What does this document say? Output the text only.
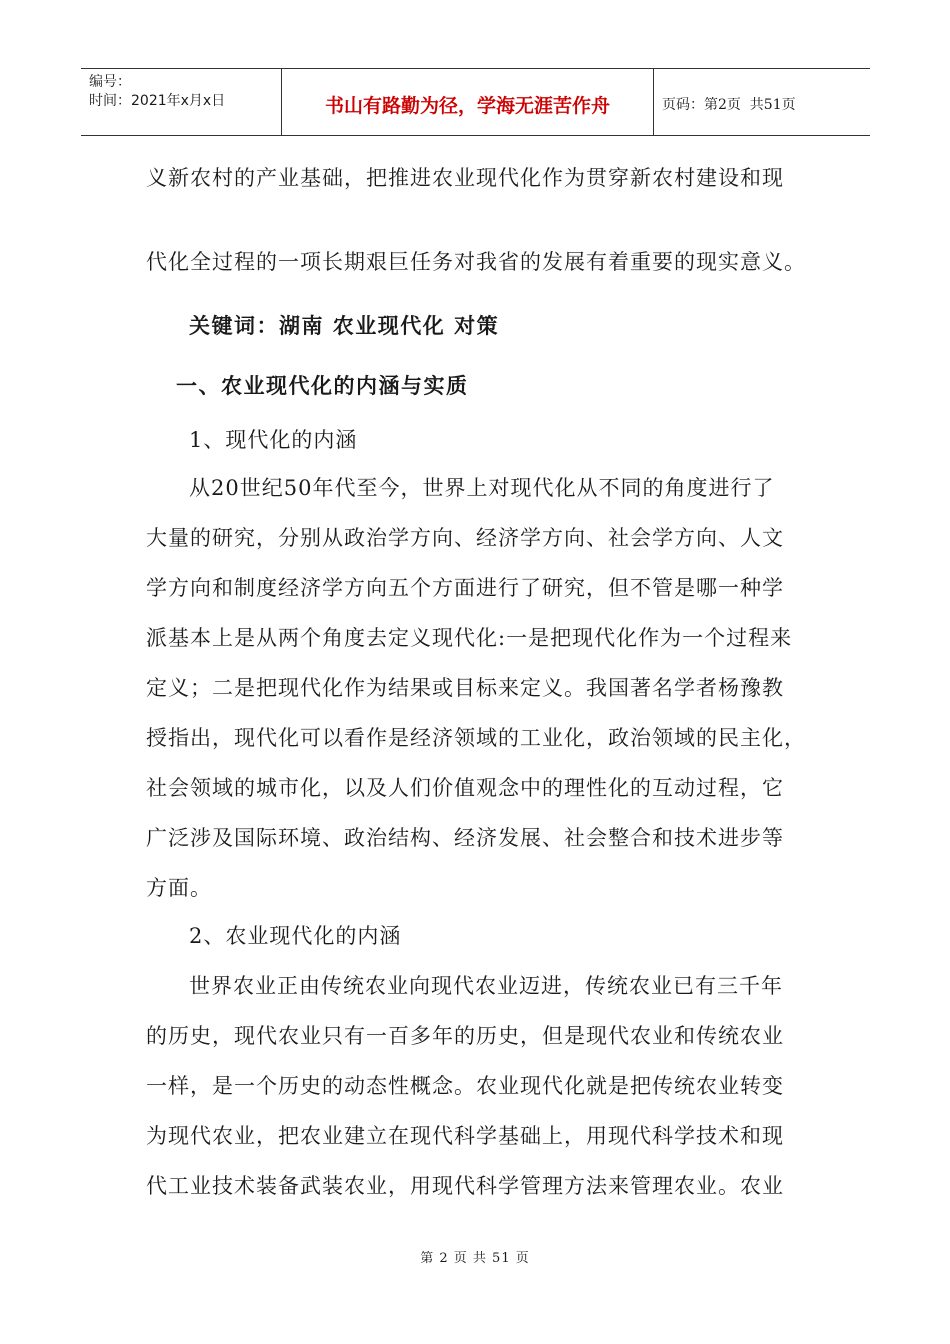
编号：
时间：2021年x月x日	书山有路勤为径，学海无涯苦作舟	页码：第2页  共51页
义新农村的产业基础，把推进农业现代化作为贯穿新农村建设和现
代化全过程的一项长期艰巨任务对我省的发展有着重要的现实意义。
关键词：湖南 农业现代化 对策
一、农业现代化的内涵与实质
1、现代化的内涵
从20世纪50年代至今，世界上对现代化从不同的角度进行了
大量的研究，分别从政治学方向、经济学方向、社会学方向、人文
学方向和制度经济学方向五个方面进行了研究，但不管是哪一种学
派基本上是从两个角度去定义现代化:一是把现代化作为一个过程来
定义；二是把现代化作为结果或目标来定义。我国著名学者杨豫教
授指出，现代化可以看作是经济领域的工业化，政治领域的民主化，
社会领域的城市化，以及人们价值观念中的理性化的互动过程，它
广泛涉及国际环境、政治结构、经济发展、社会整合和技术进步等
方面。
2、农业现代化的内涵
世界农业正由传统农业向现代农业迈进，传统农业已有三千年
的历史，现代农业只有一百多年的历史，但是现代农业和传统农业
一样，是一个历史的动态性概念。农业现代化就是把传统农业转变
为现代农业，把农业建立在现代科学基础上，用现代科学技术和现
代工业技术装备武装农业，用现代科学管理方法来管理农业。农业
第 2 页 共 51 页
